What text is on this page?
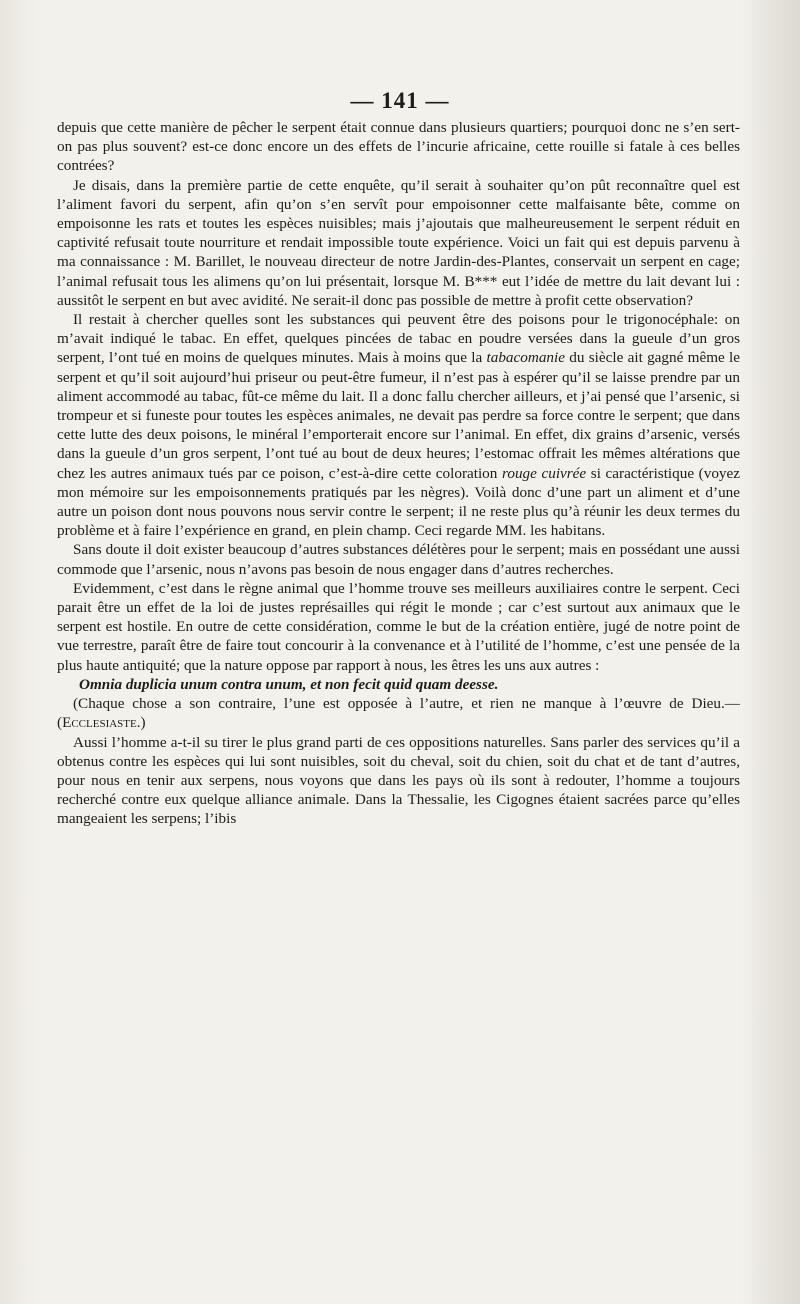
— 141 —

depuis que cette manière de pêcher le serpent était connue dans plusieurs quartiers; pourquoi donc ne s’en sert-on pas plus souvent? est-ce donc encore un des effets de l’incurie africaine, cette rouille si fatale à ces belles contrées?

Je disais, dans la première partie de cette enquête, qu’il serait à souhaiter qu’on pût reconnaître quel est l’aliment favori du serpent, afin qu’on s’en servît pour empoisonner cette malfaisante bête, comme on empoisonne les rats et toutes les espèces nuisibles; mais j’ajoutais que malheureusement le serpent réduit en captivité refusait toute nourriture et rendait impossible toute expérience. Voici un fait qui est depuis parvenu à ma connaissance : M. Barillet, le nouveau directeur de notre Jardin-des-Plantes, conservait un serpent en cage; l’animal refusait tous les alimens qu’on lui présentait, lorsque M. B*** eut l’idée de mettre du lait devant lui : aussitôt le serpent en but avec avidité. Ne serait-il donc pas possible de mettre à profit cette observation?

Il restait à chercher quelles sont les substances qui peuvent être des poisons pour le trigonocéphale: on m’avait indiqué le tabac. En effet, quelques pincées de tabac en poudre versées dans la gueule d’un gros serpent, l’ont tué en moins de quelques minutes. Mais à moins que la tabacomanie du siècle ait gagné même le serpent et qu’il soit aujourd’hui priseur ou peut-être fumeur, il n’est pas à espérer qu’il se laisse prendre par un aliment accommodé au tabac, fût-ce même du lait. Il a donc fallu chercher ailleurs, et j’ai pensé que l’arsenic, si trompeur et si funeste pour toutes les espèces animales, ne devait pas perdre sa force contre le serpent; que dans cette lutte des deux poisons, le minéral l’emporterait encore sur l’animal. En effet, dix grains d’arsenic, versés dans la gueule d’un gros serpent, l’ont tué au bout de deux heures; l’estomac offrait les mêmes altérations que chez les autres animaux tués par ce poison, c’est-à-dire cette coloration rouge cuivrée si caractéristique (voyez mon mémoire sur les empoisonnements pratiqués par les nègres). Voilà donc d’une part un aliment et d’une autre un poison dont nous pouvons nous servir contre le serpent; il ne reste plus qu’à réunir les deux termes du problème et à faire l’expérience en grand, en plein champ. Ceci regarde MM. les habitans.

Sans doute il doit exister beaucoup d’autres substances délétères pour le serpent; mais en possédant une aussi commode que l’arsenic, nous n’avons pas besoin de nous engager dans d’autres recherches.

Evidemment, c’est dans le règne animal que l’homme trouve ses meilleurs auxiliaires contre le serpent. Ceci parait être un effet de la loi de justes représailles qui régit le monde ; car c’est surtout aux animaux que le serpent est hostile. En outre de cette considération, comme le but de la création entière, jugé de notre point de vue terrestre, paraît être de faire tout concourir à la convenance et à l’utilité de l’homme, c’est une pensée de la plus haute antiquité; que la nature oppose par rapport à nous, les êtres les uns aux autres :

Omnia duplicia unum contra unum, et non fecit quid quam deesse.

(Chaque chose a son contraire, l’une est opposée à l’autre, et rien ne manque à l’œuvre de Dieu.—(Ecclesiaste.)

Aussi l’homme a-t-il su tirer le plus grand parti de ces oppositions naturelles. Sans parler des services qu’il a obtenus contre les espèces qui lui sont nuisibles, soit du cheval, soit du chien, soit du chat et de tant d’autres, pour nous en tenir aux serpens, nous voyons que dans les pays où ils sont à redouter, l’homme a toujours recherché contre eux quelque alliance animale. Dans la Thessalie, les Cigognes étaient sacrées parce qu’elles mangeaient les serpens; l’ibis
